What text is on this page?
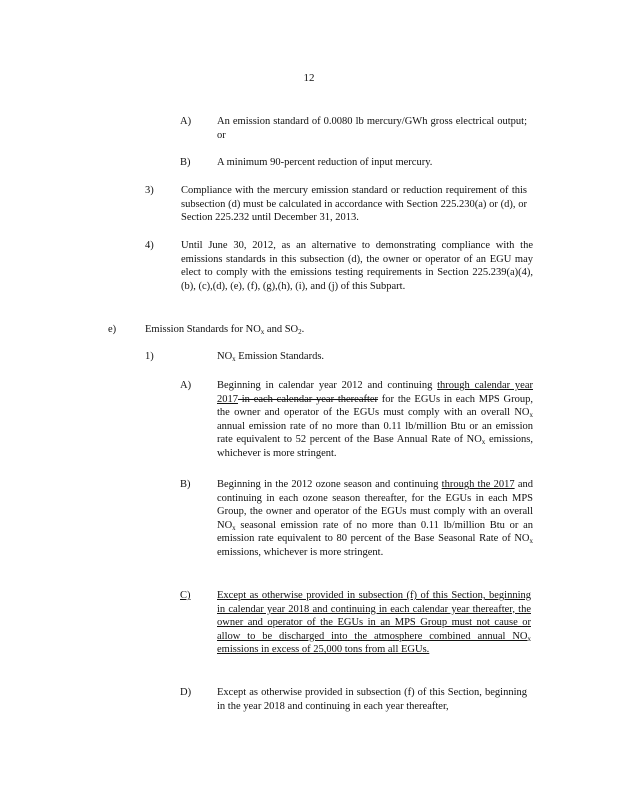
12
A) An emission standard of 0.0080 lb mercury/GWh gross electrical output; or
B)	A minimum 90-percent reduction of input mercury.
3)	Compliance with the mercury emission standard or reduction requirement of this subsection (d) must be calculated in accordance with Section 225.230(a) or (d), or Section 225.232 until December 31, 2013.
4)	Until June 30, 2012, as an alternative to demonstrating compliance with the emissions standards in this subsection (d), the owner or operator of an EGU may elect to comply with the emissions testing requirements in Section 225.239(a)(4), (b), (c),(d), (e), (f), (g),(h), (i), and (j) of this Subpart.
e)	Emission Standards for $NO_x$ and $SO_2$.
1)	$NO_x$ Emission Standards.
A) Beginning in calendar year 2012 and continuing through calendar year 2017 in each calendar year thereafter for the EGUs in each MPS Group, the owner and operator of the EGUs must comply with an overall $NO_x$ annual emission rate of no more than 0.11 lb/million Btu or an emission rate equivalent to 52 percent of the Base Annual Rate of $NO_x$ emissions, whichever is more stringent.
B)	Beginning in the 2012 ozone season and continuing through the 2017 and continuing in each ozone season thereafter, for the EGUs in each MPS Group, the owner and operator of the EGUs must comply with an overall $NO_x$ seasonal emission rate of no more than 0.11 lb/million Btu or an emission rate equivalent to 80 percent of the Base Seasonal Rate of $NO_x$ emissions, whichever is more stringent.
C)	Except as otherwise provided in subsection (f) of this Section, beginning in calendar year 2018 and continuing in each calendar year thereafter, the owner and operator of the EGUs in an MPS Group must not cause or allow to be discharged into the atmosphere combined annual $NO_x$ emissions in excess of 25,000 tons from all EGUs.
D) Except as otherwise provided in subsection (f) of this Section, beginning in the year 2018 and continuing in each year thereafter,
